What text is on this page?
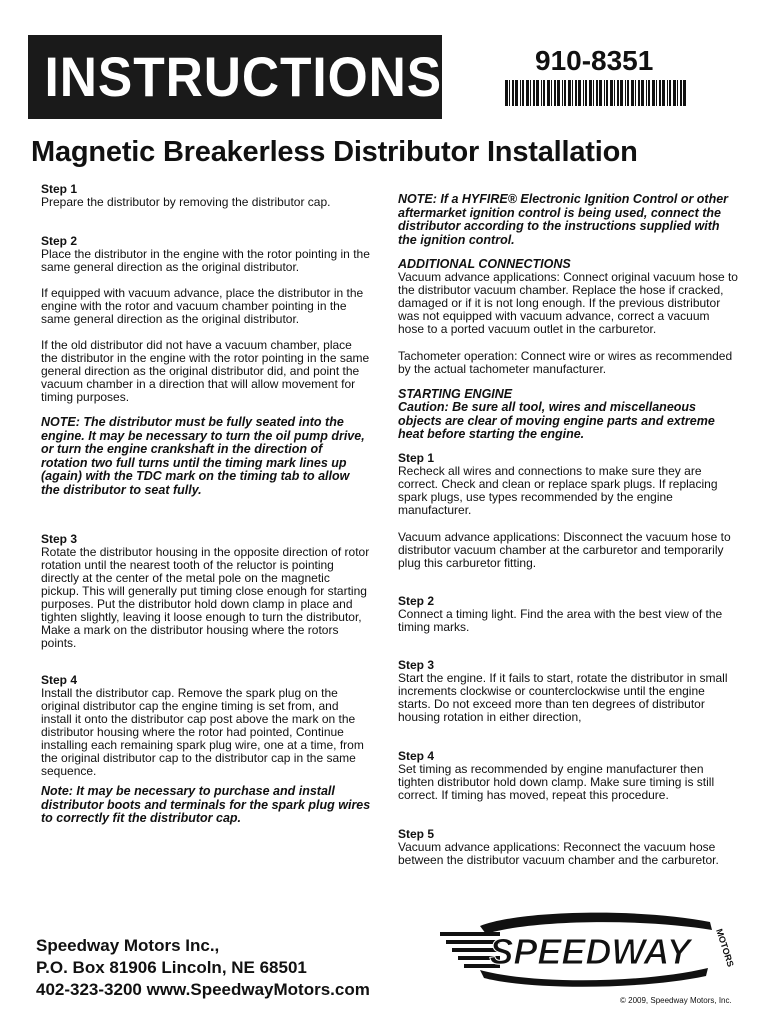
INSTRUCTIONS	910-8351
Magnetic Breakerless Distributor Installation
Step 1
Prepare the distributor by removing the distributor cap.
Step 2
Place the distributor in the engine with the rotor pointing in the same general direction as the original distributor.
If equipped with vacuum advance, place the distributor in the engine with the rotor and vacuum chamber pointing in the same general direction as the original distributor.
If the old distributor did not have a vacuum chamber, place the distributor in the engine with the rotor pointing in the same general direction as the original distributor did, and point the vacuum chamber in a direction that will allow movement for timing purposes.
NOTE: The distributor must be fully seated into the engine. It may be necessary to turn the oil pump drive, or turn the engine crankshaft in the direction of rotation two full turns until the timing mark lines up (again) with the TDC mark on the timing tab to allow the distributor to seat fully.
Step 3
Rotate the distributor housing in the opposite direction of rotor rotation until the nearest tooth of the reluctor is pointing directly at the center of the metal pole on the magnetic pickup. This will generally put timing close enough for starting purposes. Put the distributor hold down clamp in place and tighten slightly, leaving it loose enough to turn the distributor, Make a mark on the distributor housing where the rotors points.
Step 4
Install the distributor cap. Remove the spark plug on the original distributor cap the engine timing is set from, and install it onto the distributor cap post above the mark on the distributor housing where the rotor had pointed, Continue installing each remaining spark plug wire, one at a time, from the original distributor cap to the distributor cap in the same sequence.
Note: It may be necessary to purchase and install distributor boots and terminals for the spark plug wires to correctly fit the distributor cap.
NOTE: If a HYFIRE® Electronic Ignition Control or other aftermarket ignition control is being used, connect the distributor according to the instructions supplied with the ignition control.
ADDITIONAL CONNECTIONS
Vacuum advance applications: Connect original vacuum hose to the distributor vacuum chamber. Replace the hose if cracked, damaged or if it is not long enough. If the previous distributor was not equipped with vacuum advance, correct a vacuum hose to a ported vacuum outlet in the carburetor.
Tachometer operation: Connect wire or wires as recommended by the actual tachometer manufacturer.
STARTING ENGINE
Caution: Be sure all tool, wires and miscellaneous objects are clear of moving engine parts and extreme heat before starting the engine.
Step 1
Recheck all wires and connections to make sure they are correct. Check and clean or replace spark plugs. If replacing spark plugs, use types recommended by the engine manufacturer.
Vacuum advance applications: Disconnect the vacuum hose to distributor vacuum chamber at the carburetor and temporarily plug this carburetor fitting.
Step 2
Connect a timing light. Find the area with the best view of the timing marks.
Step 3
Start the engine. If it fails to start, rotate the distributor in small increments clockwise or counterclockwise until the engine starts. Do not exceed more than ten degrees of distributor housing rotation in either direction,
Step 4
Set timing as recommended by engine manufacturer then tighten distributor hold down clamp. Make sure timing is still correct. If timing has moved, repeat this procedure.
Step 5
Vacuum advance applications: Reconnect the vacuum hose between the distributor vacuum chamber and the carburetor.
Speedway Motors Inc.,
P.O. Box 81906 Lincoln, NE 68501
402-323-3200 www.SpeedwayMotors.com
SPEEDWAY	MOTORS
© 2009, Speedway Motors, Inc.
